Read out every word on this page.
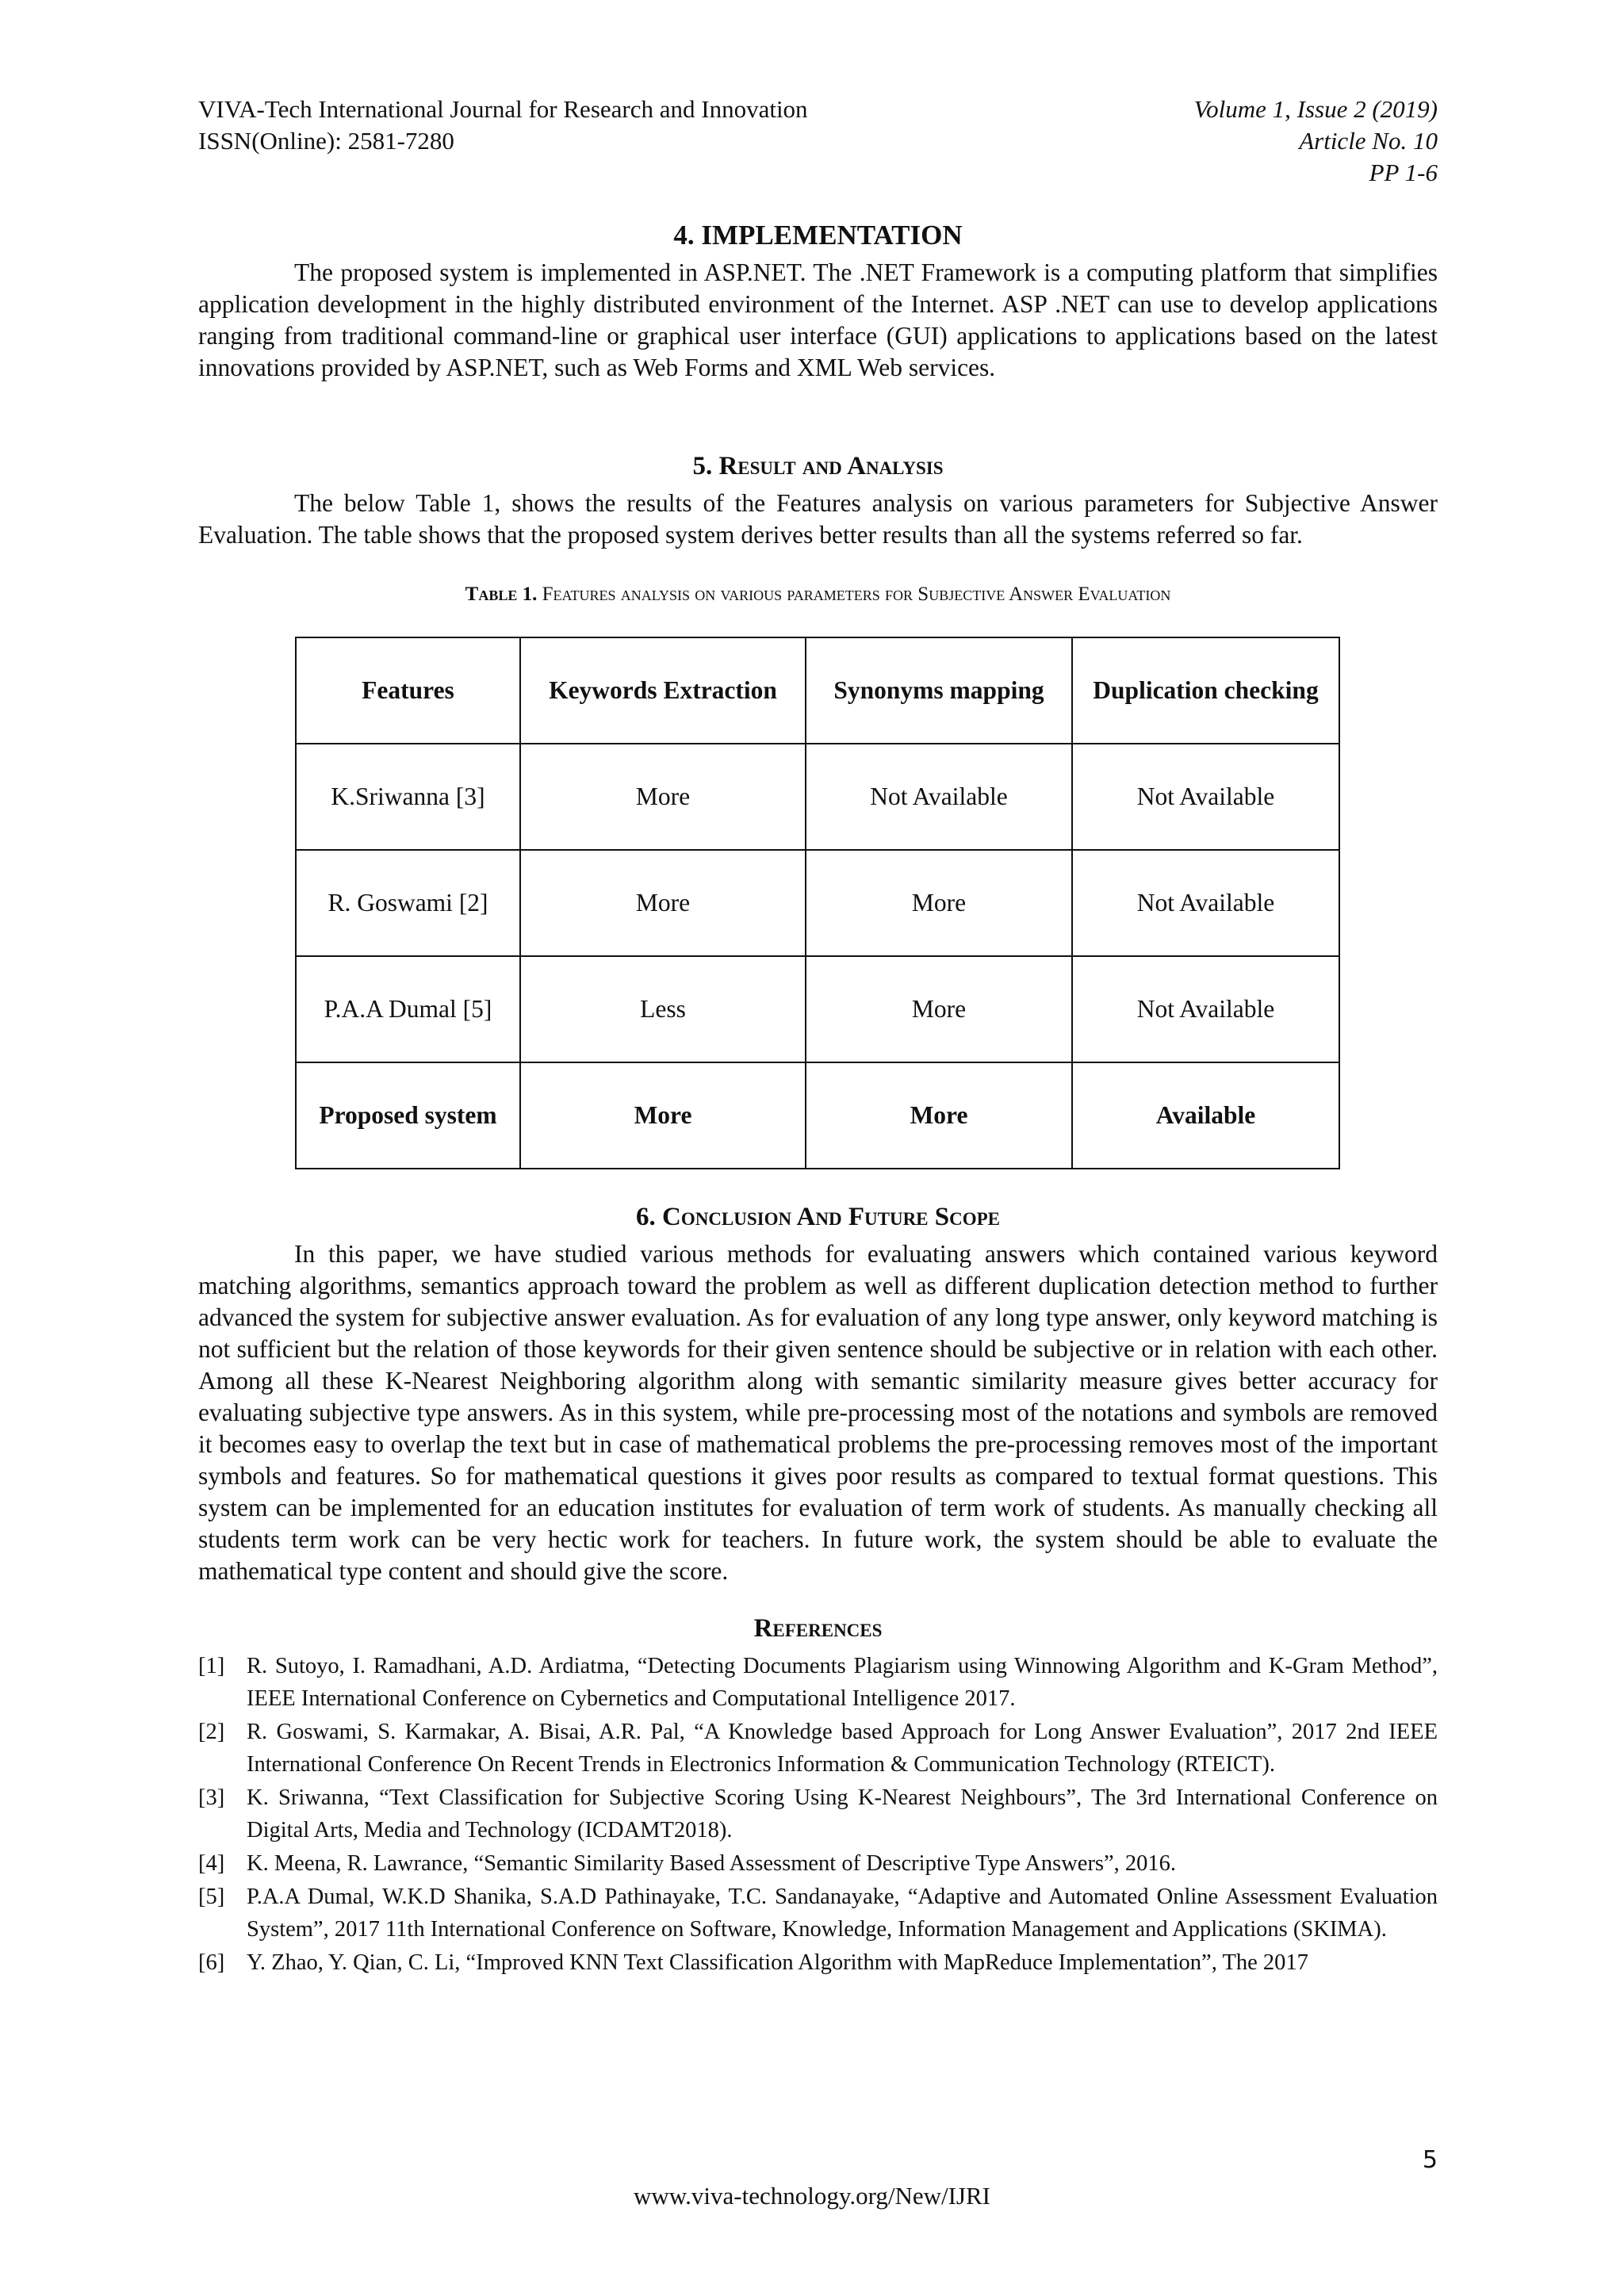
VIVA-Tech International Journal for Research and Innovation
ISSN(Online): 2581-7280
Volume 1, Issue 2 (2019)
Article No. 10
PP 1-6
4. IMPLEMENTATION

The proposed system is implemented in ASP.NET. The .NET Framework is a computing platform that simplifies application development in the highly distributed environment of the Internet. ASP .NET can use to develop applications ranging from traditional command-line or graphical user interface (GUI) applications to applications based on the latest innovations provided by ASP.NET, such as Web Forms and XML Web services.

5. Result and Analysis

The below Table 1, shows the results of the Features analysis on various parameters for Subjective Answer Evaluation. The table shows that the proposed system derives better results than all the systems referred so far.

Table 1. Features analysis on various parameters for Subjective Answer Evaluation
Features	Keywords Extraction	Synonyms mapping	Duplication checking
K.Sriwanna [3]	More	Not Available	Not Available
R. Goswami [2]	More	More	Not Available
P.A.A Dumal [5]	Less	More	Not Available
Proposed system	More	More	Available
6. Conclusion And Future Scope

In this paper, we have studied various methods for evaluating answers which contained various keyword matching algorithms, semantics approach toward the problem as well as different duplication detection method to further advanced the system for subjective answer evaluation. As for evaluation of any long type answer, only keyword matching is not sufficient but the relation of those keywords for their given sentence should be subjective or in relation with each other. Among all these K-Nearest Neighboring algorithm along with semantic similarity measure gives better accuracy for evaluating subjective type answers. As in this system, while pre-processing most of the notations and symbols are removed it becomes easy to overlap the text but in case of mathematical problems the pre-processing removes most of the important symbols and features. So for mathematical questions it gives poor results as compared to textual format questions. This system can be implemented for an education institutes for evaluation of term work of students. As manually checking all students term work can be very hectic work for teachers. In future work, the system should be able to evaluate the mathematical type content and should give the score.

References
[1] R. Sutoyo, I. Ramadhani, A.D. Ardiatma, “Detecting Documents Plagiarism using Winnowing Algorithm and K-Gram Method”, IEEE International Conference on Cybernetics and Computational Intelligence 2017.
[2] R. Goswami, S. Karmakar, A. Bisai, A.R. Pal, “A Knowledge based Approach for Long Answer Evaluation”, 2017 2nd IEEE International Conference On Recent Trends in Electronics Information & Communication Technology (RTEICT).
[3] K. Sriwanna, “Text Classification for Subjective Scoring Using K-Nearest Neighbours”, The 3rd International Conference on Digital Arts, Media and Technology (ICDAMT2018).
[4] K. Meena, R. Lawrance, “Semantic Similarity Based Assessment of Descriptive Type Answers”, 2016.
[5] P.A.A Dumal, W.K.D Shanika, S.A.D Pathinayake, T.C. Sandanayake, “Adaptive and Automated Online Assessment Evaluation System”, 2017 11th International Conference on Software, Knowledge, Information Management and Applications (SKIMA).
[6] Y. Zhao, Y. Qian, C. Li, “Improved KNN Text Classification Algorithm with MapReduce Implementation”, The 2017
5
www.viva-technology.org/New/IJRI
